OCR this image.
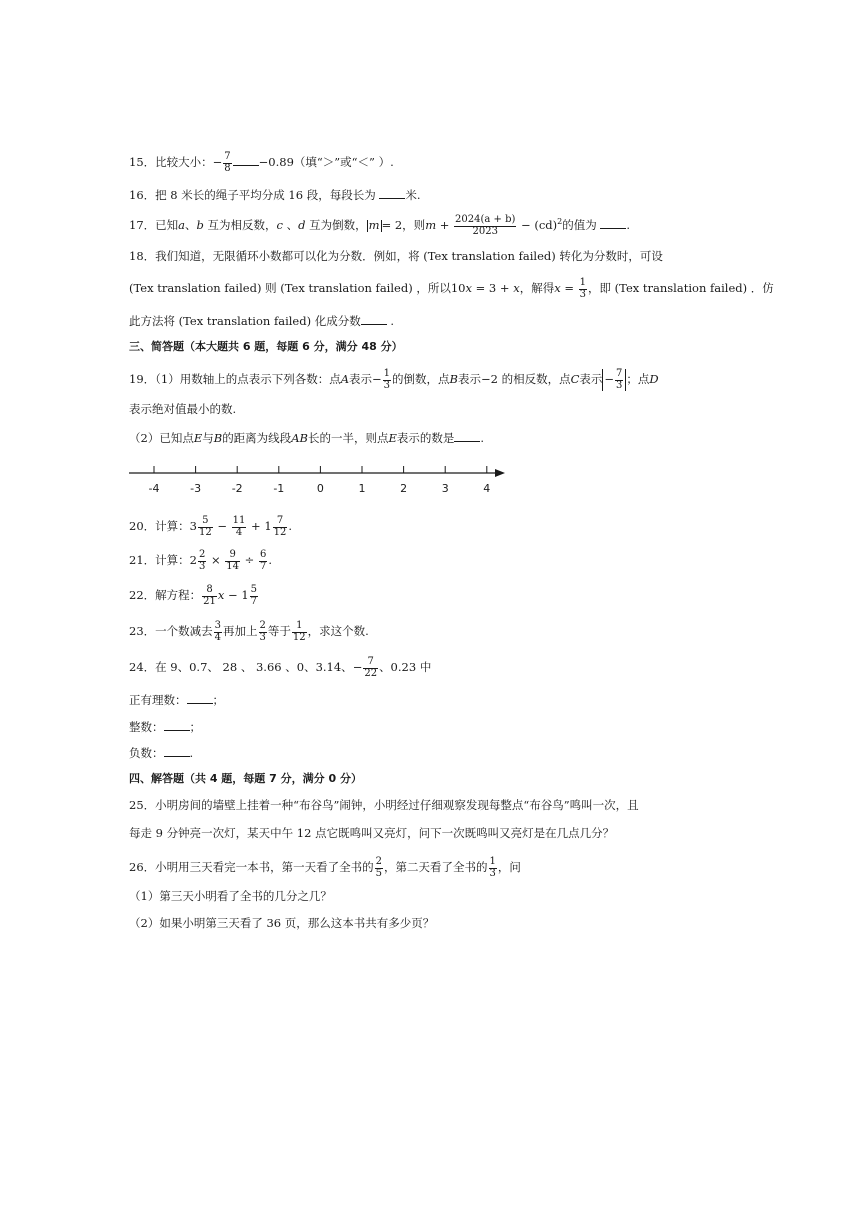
15．比较大小：− $\frac{7}{8} -0.89$（填“＞”或“＜” ）.
16．把 8 米长的绳子平均分成 16 段，每段长为 米.
17．已知a、b 互为相反数，c 、d 互为倒数， m = 2，则$m + \frac{2024(a + b)}{2023} - (cd)^2$的值为 .
18．我们知道，无限循环小数都可以化为分数．例如，将 (Tex translation failed) 转化为分数时，可设
(Tex translation failed) 则 (Tex translation failed) ，所以10x = 3 + x，解得$x = \frac{1}{3}$ ，即 (Tex translation failed) ．仿
此方法将 (Tex translation failed) 化成分数 .
三、简答题（本大题共 6 题，每题 6 分，满分 48 分）
19．（1）用数轴上的点表示下列各数：点A表示− $\frac{1}{3}$ 的倒数，点B表示−2 的相反数，点C表示 − $\frac{7}{3}$ ；点D
表示绝对值最小的数.
（2）已知点E与B的距离为线段AB长的一半，则点E表示的数是 .
-4	-3	-2	-1	0	1	2	3	4
20．计算：$3 \frac{5}{12} - \frac{11}{4} + 1 \frac{7}{12}$ .
21．计算：$2 \frac{2}{3} \times \frac{9}{14} \div \frac{6}{7}$ .
22．解方程： $\frac{8}{21}$ $x - 1 \frac{5}{7}$
23．一个数减去 $\frac{3}{4}$ 再加上 $\frac{2}{3}$ 等于 $\frac{1}{12}$ ，求这个数.
24．在 9、0.7、 28 、 3.66 、0、3.14、− $\frac{7}{22}$ 、0.23 中
正有理数： ；
整数： ；
负数： .
四、解答题（共 4 题，每题 7 分，满分 0 分）
25．小明房间的墙壁上挂着一种“布谷鸟”闹钟，小明经过仔细观察发现每整点“布谷鸟”鸣叫一次，且
每走 9 分钟亮一次灯，某天中午 12 点它既鸣叫又亮灯，问下一次既鸣叫又亮灯是在几点几分？
26．小明用三天看完一本书，第一天看了全书的 $\frac{2}{5}$ ，第二天看了全书的 $\frac{1}{3}$ ，问
（1）第三天小明看了全书的几分之几？
（2）如果小明第三天看了 36 页，那么这本书共有多少页？
